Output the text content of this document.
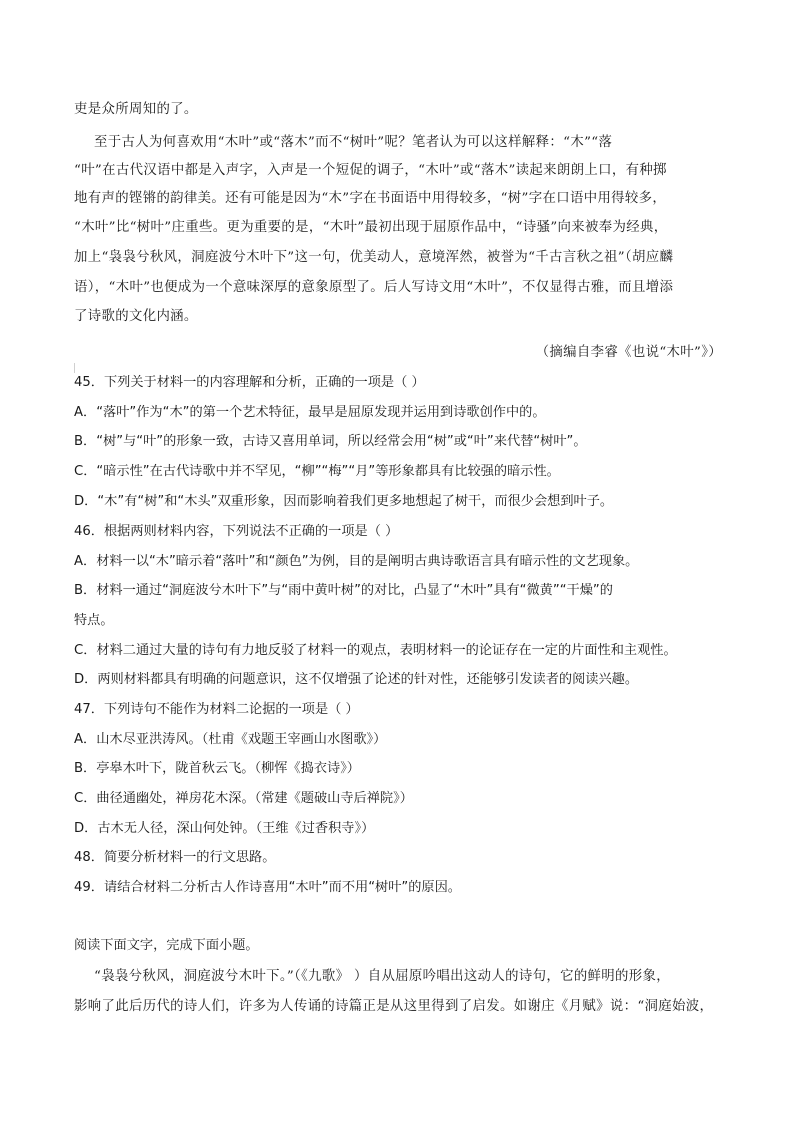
吏是众所周知的了。
至于古人为何喜欢用“木叶”或“落木”而不“树叶”呢？笔者认为可以这样解释：“木”“落
“叶”在古代汉语中都是入声字，入声是一个短促的调子，“木叶”或“落木”读起来朗朗上口，有种掷
地有声的铿锵的韵律美。还有可能是因为“木”字在书面语中用得较多，“树”字在口语中用得较多，
“木叶”比“树叶”庄重些。更为重要的是，“木叶”最初出现于屈原作品中，“诗骚”向来被奉为经典，
加上“袅袅兮秋风，洞庭波兮木叶下”这一句，优美动人，意境浑然，被誉为“千古言秋之祖”（胡应麟
语），“木叶”也便成为一个意味深厚的意象原型了。后人写诗文用“木叶”，不仅显得古雅，而且增添
了诗歌的文化内涵。
（摘编自李睿《也说“木叶”》）
45．下列关于材料一的内容理解和分析，正确的一项是（ ）
A．“落叶”作为“木”的第一个艺术特征，最早是屈原发现并运用到诗歌创作中的。
B．“树”与“叶”的形象一致，古诗又喜用单词，所以经常会用“树”或“叶”来代替“树叶”。
C．“暗示性”在古代诗歌中并不罕见，“柳”“梅”“月”等形象都具有比较强的暗示性。
D．“木”有“树”和“木头”双重形象，因而影响着我们更多地想起了树干，而很少会想到叶子。
46．根据两则材料内容，下列说法不正确的一项是（ ）
A．材料一以“木”暗示着“落叶”和“颜色”为例，目的是阐明古典诗歌语言具有暗示性的文艺现象。
B．材料一通过“洞庭波兮木叶下”与“雨中黄叶树”的对比，凸显了“木叶”具有“微黄”“干燥”的
特点。
C．材料二通过大量的诗句有力地反驳了材料一的观点，表明材料一的论证存在一定的片面性和主观性。
D．两则材料都具有明确的问题意识，这不仅增强了论述的针对性，还能够引发读者的阅读兴趣。
47．下列诗句不能作为材料二论据的一项是（ ）
A．山木尽亚洪涛风。（杜甫《戏题王宰画山水图歌》）
B．亭皋木叶下，陇首秋云飞。（柳恽《捣衣诗》）
C．曲径通幽处，禅房花木深。（常建《题破山寺后禅院》）
D．古木无人径，深山何处钟。（王维《过香积寺》）
48．简要分析材料一的行文思路。
49．请结合材料二分析古人作诗喜用“木叶”而不用“树叶”的原因。
阅读下面文字，完成下面小题。
“袅袅兮秋风，洞庭波兮木叶下。”（《九歌》 ）自从屈原吟唱出这动人的诗句，它的鲜明的形象，
影响了此后历代的诗人们，许多为人传诵的诗篇正是从这里得到了启发。如谢庄《月赋》说：“洞庭始波，
